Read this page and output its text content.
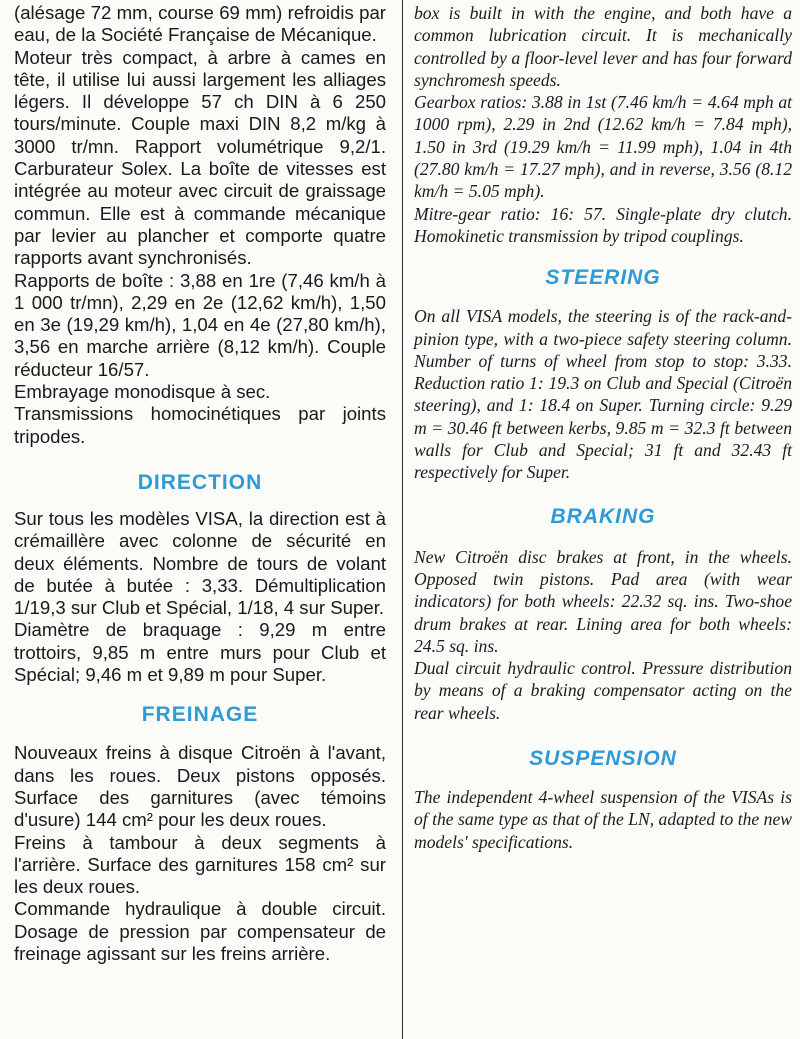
(alésage 72 mm, course 69 mm) refroidis par eau, de la Société Française de Mécanique.

Moteur très compact, à arbre à cames en tête, il utilise lui aussi largement les alliages légers. Il développe 57 ch DIN à 6 250 tours/minute. Couple maxi DIN 8,2 m/kg à 3000 tr/mn. Rapport volumétrique 9,2/1. Carburateur Solex. La boîte de vitesses est intégrée au moteur avec circuit de graissage commun. Elle est à commande mécanique par levier au plancher et comporte quatre rapports avant synchronisés.

Rapports de boîte : 3,88 en 1re (7,46 km/h à 1 000 tr/mn), 2,29 en 2e (12,62 km/h), 1,50 en 3e (19,29 km/h), 1,04 en 4e (27,80 km/h), 3,56 en marche arrière (8,12 km/h). Couple réducteur 16/57.

Embrayage monodisque à sec.

Transmissions homocinétiques par joints tripodes.

DIRECTION

Sur tous les modèles VISA, la direction est à crémaillère avec colonne de sécurité en deux éléments. Nombre de tours de volant de butée à butée : 3,33. Démultiplication 1/19,3 sur Club et Spécial, 1/18, 4 sur Super.

Diamètre de braquage : 9,29 m entre trottoirs, 9,85 m entre murs pour Club et Spécial; 9,46 m et 9,89 m pour Super.

FREINAGE

Nouveaux freins à disque Citroën à l'avant, dans les roues. Deux pistons opposés. Surface des garnitures (avec témoins d'usure) 144 cm² pour les deux roues.

Freins à tambour à deux segments à l'arrière. Surface des garnitures 158 cm² sur les deux roues.

Commande hydraulique à double circuit. Dosage de pression par compensateur de freinage agissant sur les freins arrière.

box is built in with the engine, and both have a common lubrication circuit. It is mechanically controlled by a floor-level lever and has four forward synchromesh speeds.

Gearbox ratios: 3.88 in 1st (7.46 km/h = 4.64 mph at 1000 rpm), 2.29 in 2nd (12.62 km/h = 7.84 mph), 1.50 in 3rd (19.29 km/h = 11.99 mph), 1.04 in 4th (27.80 km/h = 17.27 mph), and in reverse, 3.56 (8.12 km/h = 5.05 mph).

Mitre-gear ratio: 16: 57. Single-plate dry clutch. Homokinetic transmission by tripod couplings.

STEERING

On all VISA models, the steering is of the rack-and-pinion type, with a two-piece safety steering column. Number of turns of wheel from stop to stop: 3.33. Reduction ratio 1: 19.3 on Club and Special (Citroën steering), and 1: 18.4 on Super. Turning circle: 9.29 m = 30.46 ft between kerbs, 9.85 m = 32.3 ft between walls for Club and Special; 31 ft and 32.43 ft respectively for Super.

BRAKING

New Citroën disc brakes at front, in the wheels. Opposed twin pistons. Pad area (with wear indicators) for both wheels: 22.32 sq. ins. Two-shoe drum brakes at rear. Lining area for both wheels: 24.5 sq. ins.

Dual circuit hydraulic control. Pressure distribution by means of a braking compensator acting on the rear wheels.

SUSPENSION

The independent 4-wheel suspension of the VISAs is of the same type as that of the LN, adapted to the new models' specifications.
